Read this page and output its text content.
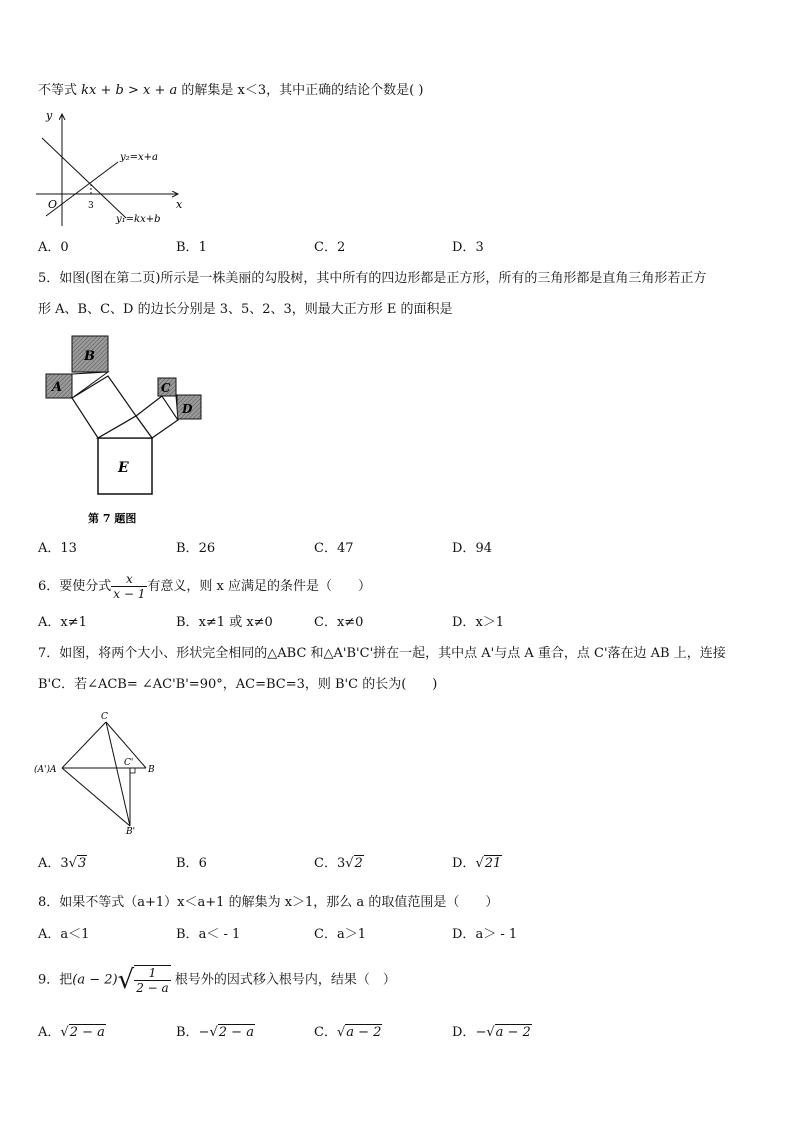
不等式 kx + b > x + a 的解集是 x＜3，其中正确的结论个数是( )
y
x
O	3
y₂=x+a
y₁=kx+b
A．0	B．1	C．2	D．3
5．如图(图在第二页)所示是一株美丽的勾股树，其中所有的四边形都是正方形，所有的三角形都是直角三角形若正方
形 A、B、C、D 的边长分别是 3、5、2、3，则最大正方形 E 的面积是
E
B
A	C
D
第 7 题图
A．13	B．26	C．47	D．94
6．要使分式 $\frac{x}{x - 1}$ 有意义，则 x 应满足的条件是（　　）
A．x≠1	B．x≠1 或 x≠0	C．x≠0	D．x＞1
7．如图，将两个大小、形状完全相同的△ABC 和△A'B'C'拼在一起，其中点 A'与点 A 重合，点 C'落在边 AB 上，连接
B'C．若∠ACB= ∠AC'B'=90°，AC=BC=3，则 B'C 的长为(　　)
C
(A')A
C'
B
B'
A．3√3	B．6	C．3√2	D．√21
8．如果不等式（a+1）x＜a+1 的解集为 x＞1，那么 a 的取值范围是（　　）
A．a＜1	B．a＜ - 1	C．a＞1	D．a＞ - 1
9．把$(a - 2)√ \frac{1}{2 - a}$ 根号外的因式移入根号内，结果（　）
A．√2 − a	B．−√2 − a	C．√a − 2	D．−√a − 2
